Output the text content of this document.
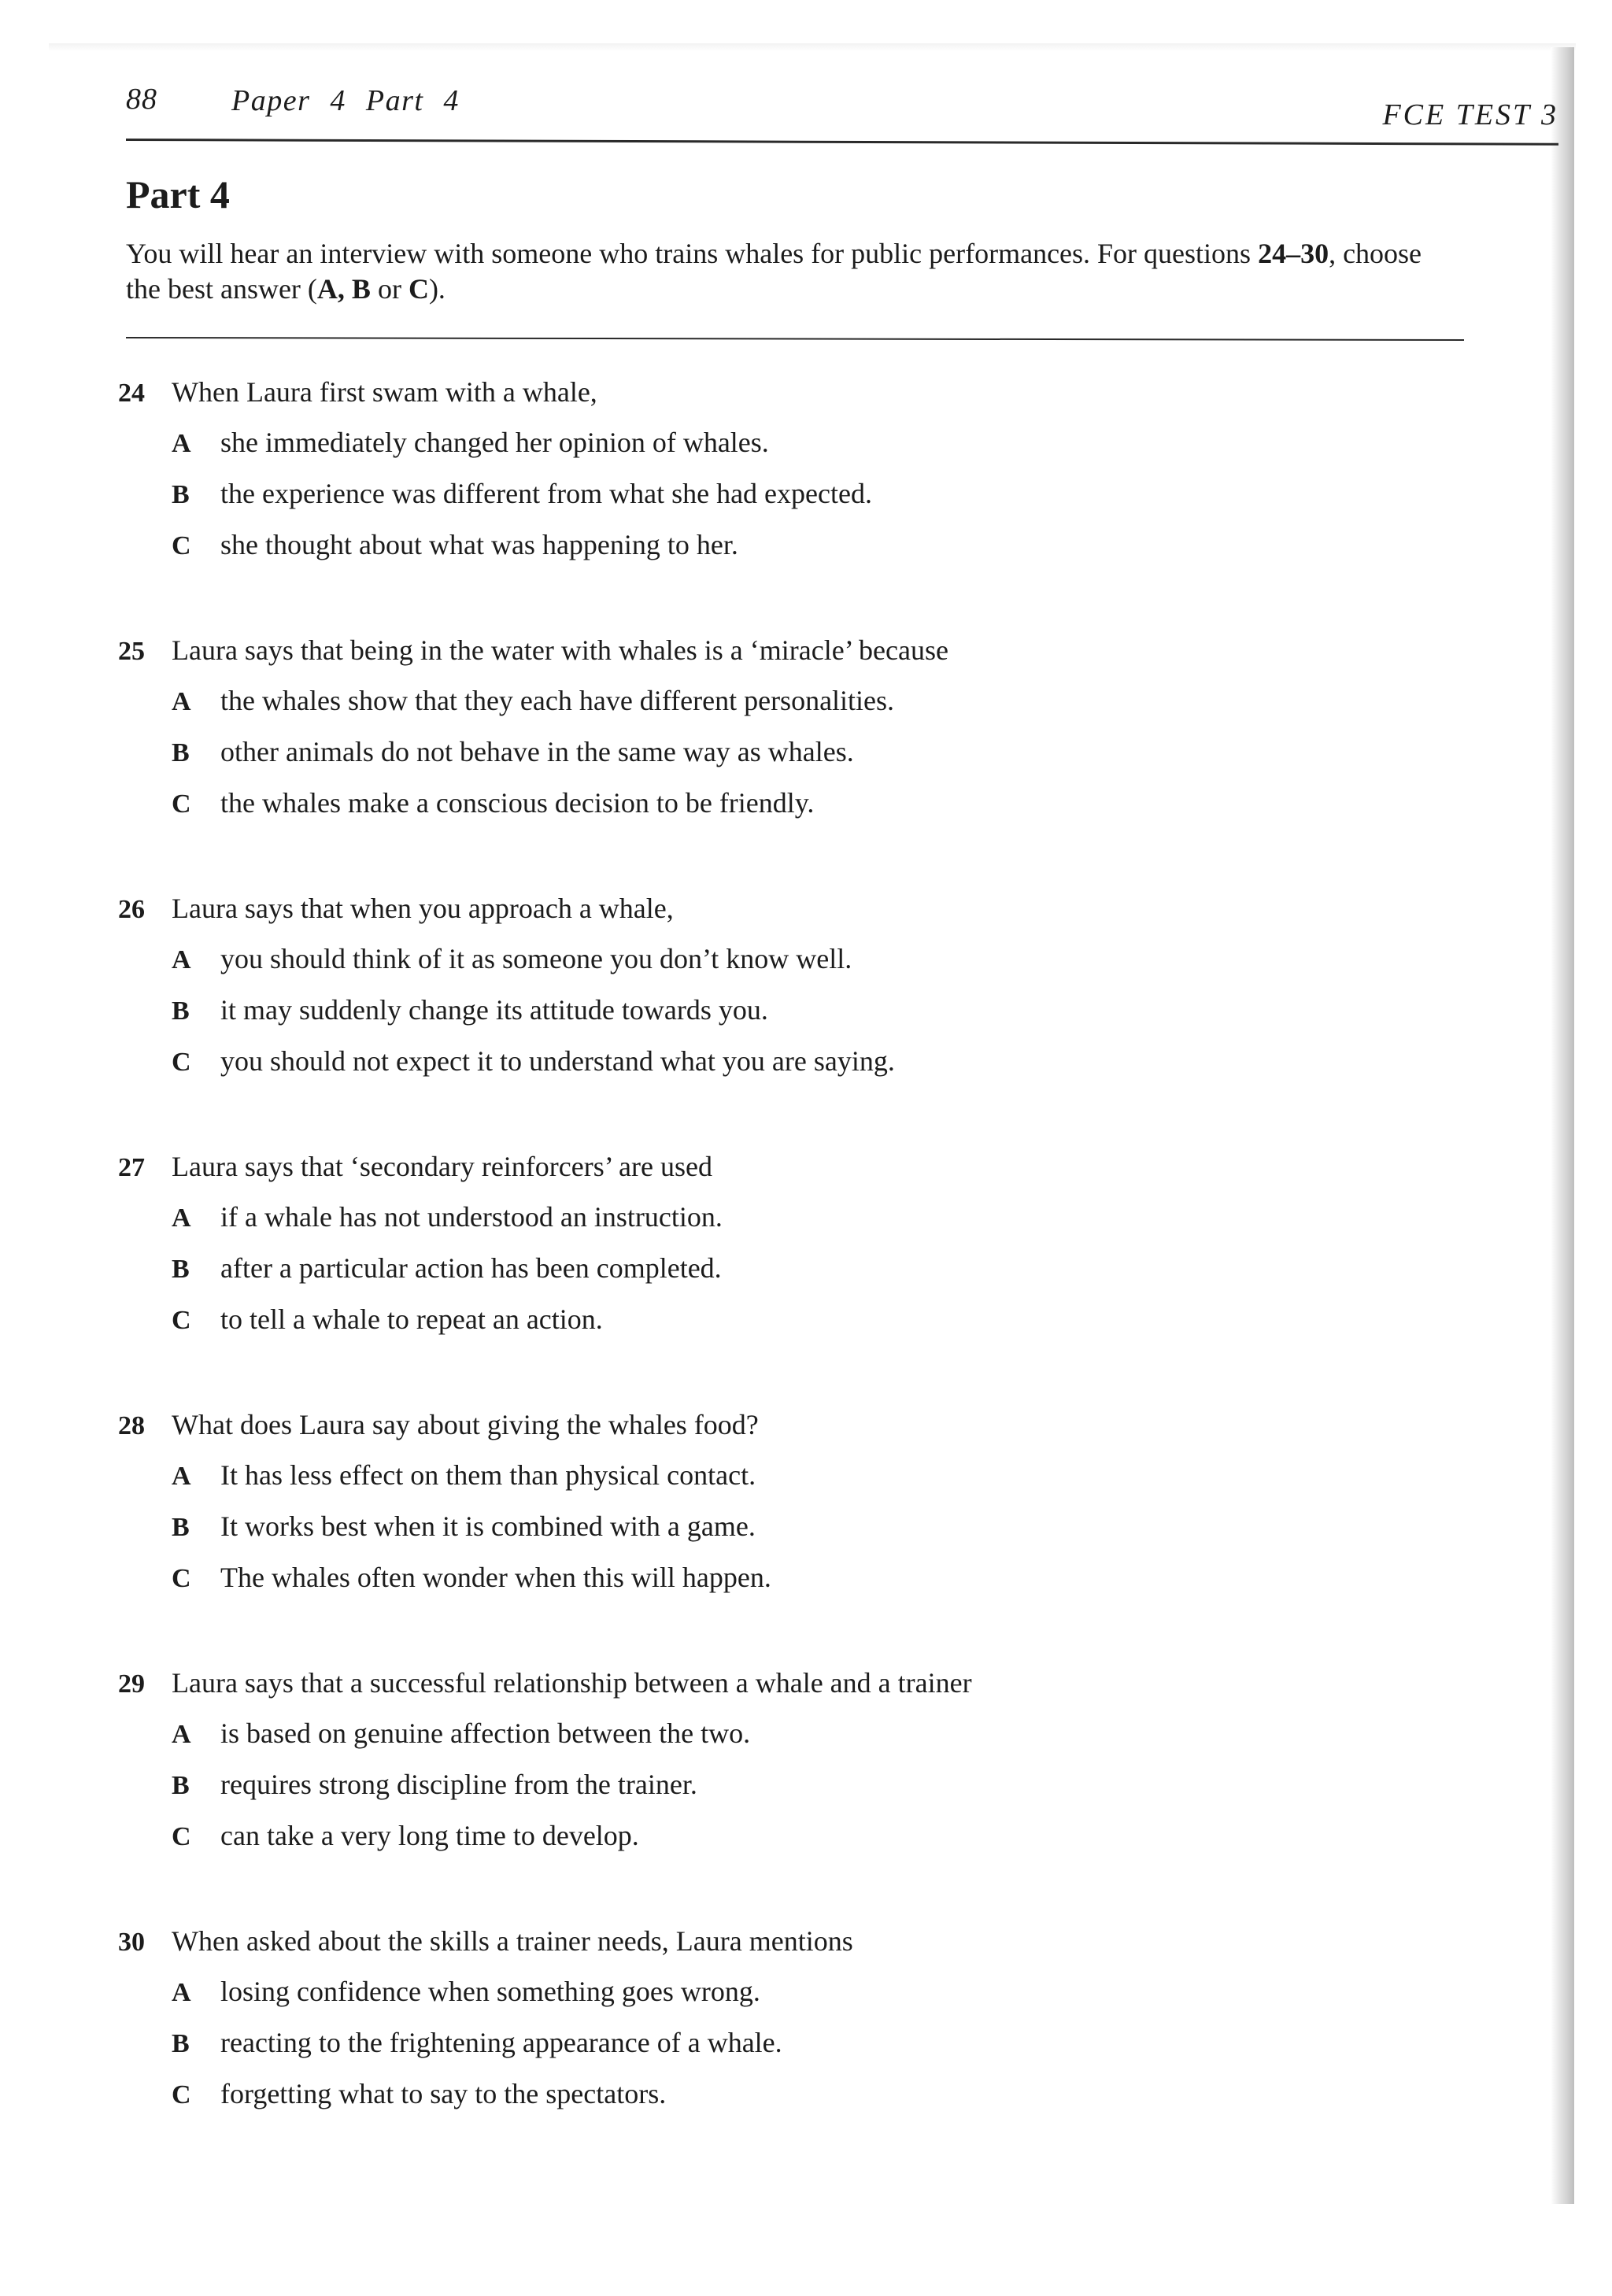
88 Paper 4 Part 4	FCE TEST 3
Part 4

You will hear an interview with someone who trains whales for public performances. For questions 24–30, choose the best answer (A, B or C).

24 When Laura first swam with a whale,
A she immediately changed her opinion of whales.
B the experience was different from what she had expected.
C she thought about what was happening to her.
25 Laura says that being in the water with whales is a ‘miracle’ because
A the whales show that they each have different personalities.
B other animals do not behave in the same way as whales.
C the whales make a conscious decision to be friendly.
26 Laura says that when you approach a whale,
A you should think of it as someone you don’t know well.
B it may suddenly change its attitude towards you.
C you should not expect it to understand what you are saying.
27 Laura says that ‘secondary reinforcers’ are used
A if a whale has not understood an instruction.
B after a particular action has been completed.
C to tell a whale to repeat an action.
28 What does Laura say about giving the whales food?
A It has less effect on them than physical contact.
B It works best when it is combined with a game.
C The whales often wonder when this will happen.
29 Laura says that a successful relationship between a whale and a trainer
A is based on genuine affection between the two.
B requires strong discipline from the trainer.
C can take a very long time to develop.
30 When asked about the skills a trainer needs, Laura mentions
A losing confidence when something goes wrong.
B reacting to the frightening appearance of a whale.
C forgetting what to say to the spectators.
